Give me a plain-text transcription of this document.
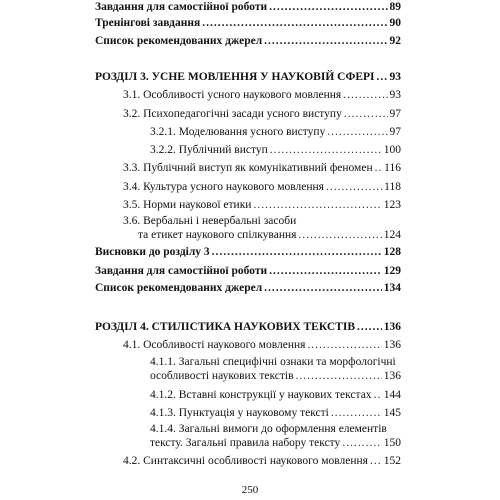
Завдання для самостійної роботи .....	89
Тренінгові завдання .....	90
Список рекомендованих джерел .....	92
РОЗДІЛ 3. УСНЕ МОВЛЕННЯ У НАУКОВІЙ СФЕРІ ..... 93
3.1. Особливості усного наукового мовлення .....	93
3.2. Психопедагогічні засади усного виступу .....	97
3.2.1. Моделювання усного виступу .....	97
3.2.2. Публічний виступ .....	100
3.3. Публічний виступ як комунікативний феномен ..... 116
3.4. Культура усного наукового мовлення .....	118
3.5. Норми наукової етики .....	123
3.6. Вербальні і невербальні засоби
та етикет наукового спілкування .....	124
Висновки до розділу 3 .....	128
Завдання для самостійної роботи .....	129
Список рекомендованих джерел .....	134
РОЗДІЛ 4. СТИЛІСТИКА НАУКОВИХ ТЕКСТІВ .....	136
4.1. Особливості наукового мовлення .....	136
4.1.1. Загальні специфічні ознаки та морфологічні
особливості наукових текстів .....	136
4.1.2. Вставні конструкції у наукових текстах ..... 144
4.1.3. Пунктуація у науковому тексті .....	145
4.1.4. Загальні вимоги до оформлення елементів
тексту. Загальні правила набору тексту .....	150
4.2. Синтаксичні особливості наукового мовлення ..... 152
250
